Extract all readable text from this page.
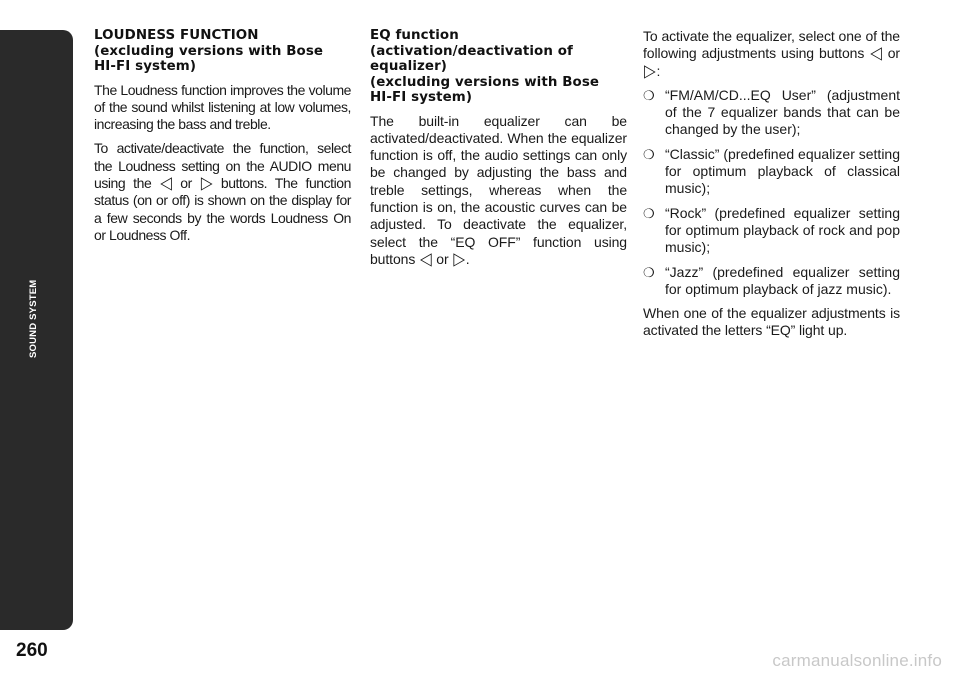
SOUND SYSTEM
260
LOUDNESS FUNCTION
(excluding versions with Bose
HI-FI system)

The Loudness function improves the volume of the sound whilst listening at low volumes, increasing the bass and treble.

To activate/deactivate the function, select the Loudness setting on the AUDIO menu using the ◁ or ▷ buttons. The function status (on or off) is shown on the display for a few seconds by the words Loudness On or Loudness Off.

EQ function
(activation/deactivation of
equalizer)
(excluding versions with Bose
HI-FI system)

The built-in equalizer can be activated/deactivated. When the equalizer function is off, the audio settings can only be changed by adjusting the bass and treble settings, whereas when the function is on, the acoustic curves can be adjusted. To deactivate the equalizer, select the “EQ OFF” function using buttons ◁ or ▷.

To activate the equalizer, select one of the following adjustments using buttons ◁ or ▷:

❍ “FM/AM/CD...EQ User” (adjustment of the 7 equalizer bands that can be changed by the user);
❍ “Classic” (predefined equalizer setting for optimum playback of classical music);
❍ “Rock” (predefined equalizer setting for optimum playback of rock and pop music);
❍ “Jazz” (predefined equalizer setting for optimum playback of jazz music).

When one of the equalizer adjustments is activated the letters “EQ” light up.

carmanualsonline.info
